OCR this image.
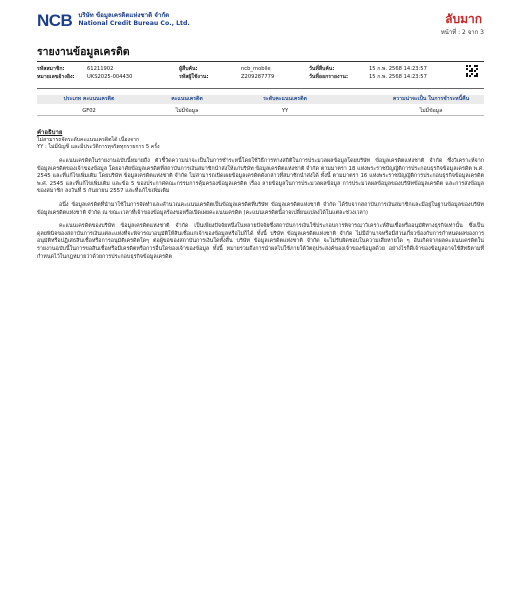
NCB บริษัท ข้อมูลเครดิตแห่งชาติ จำกัด
National Credit Bureau Co., Ltd.	ลับมาก
หน้าที่ : 2 จาก 3
รายงานข้อมูลเครดิต
รหัสสมาชิก:	61211902	ผู้สืบค้น:	ncb_mobile	วันที่สืบค้น:	15 ก.พ. 2568 14:23:57
หมายเลขอ้างอิง: UKS2025-004430	รหัสผู้ใช้งาน:	Z209287779	วันที่ออกรายงาน:	15 ก.พ. 2568 14:23:57
ประเภท คะแนนเครดิต	คะแนนเครดิต	ระดับคะแนนเครดิต	ความน่าจะเป็น ในการชำระหนี้คืน
GF02	ไม่มีข้อมูล	YY	ไม่มีข้อมูล
คำอธิบาย
ไม่สามารถจัดระดับคะแนนเครดิตได้ เนื่องจาก
YY : ไม่มีบัญชี และมีประวัติการทุจริตทุกรายการ 5 ครั้ง

คะแนนเครดิตในรายงานฉบับนี้หมายถึง ตัวชี้วัดความน่าจะเป็นในการชำระหนี้โดยใช้วิธีการทางสถิติในการประมวลผลข้อมูลโดยบริษัท ข้อมูลเครดิตแห่งชาติ จำกัด ซึ่งวิเคราะห์จากข้อมูลเครดิตของเจ้าของข้อมูล โดยอาศัยข้อมูลเครดิตที่สถาบันการเงินสมาชิกนำส่งให้แก่บริษัท ข้อมูลเครดิตแห่งชาติ จำกัด ตามมาตรา 18 แห่งพระราชบัญญัติการประกอบธุรกิจข้อมูลเครดิต พ.ศ. 2545 และที่แก้ไขเพิ่มเติม โดยบริษัท ข้อมูลเครดิตแห่งชาติ จำกัด ไม่สามารถเปิดเผยข้อมูลเครดิตดังกล่าวที่สมาชิกนำส่งได้ ทั้งนี้ ตามมาตรา 16 แห่งพระราชบัญญัติการประกอบธุรกิจข้อมูลเครดิต พ.ศ. 2545 และที่แก้ไขเพิ่มเติม และข้อ 5 ของประกาศคณะกรรมการคุ้มครองข้อมูลเครดิต เรื่อง ลายข้อมูลในการประมวลผลข้อมูล การประมวลผลข้อมูลของบริษัทข้อมูลเครดิต และการส่งข้อมูลของสมาชิก ลงวันที่ 5 กันยายน 2557 และที่แก้ไขเพิ่มเติม

อนึ่ง ข้อมูลเครดิตที่นำมาใช้ในการจัดทำและคำนวณคะแนนเครดิตเป็นข้อมูลเครดิตที่บริษัท ข้อมูลเครดิตแห่งชาติ จำกัด ได้รับจากสถาบันการเงินสมาชิกและมีอยู่ในฐานข้อมูลของบริษัท ข้อมูลเครดิตแห่งชาติ จำกัด ณ ขณะเวลาที่เจ้าของข้อมูลร้องขอหรือเปิดเผยคะแนนเครดิต (คะแนนเครดิตนี้อาจเปลี่ยนแปลงได้ในแต่ละช่วงเวลา)

คะแนนเครดิตของบริษัท ข้อมูลเครดิตแห่งชาติ จำกัด เป็นเพียงปัจจัยหนึ่งในหลายปัจจัยซึ่งสถาบันการเงินใช้ประกอบการพิจารณาวิเคราะห์สินเชื่อหรืออนุมัติทางธุรกิจเท่านั้น ซึ่งเป็นดุลยพินิจของสถาบันการเงินแต่ละแห่งที่จะพิจารณาอนุมัติให้สินเชื่อแก่เจ้าของข้อมูลหรือไม่ก็ได้ ทั้งนี้ บริษัท ข้อมูลเครดิตแห่งชาติ จำกัด ไม่มีอำนาจหรือมีส่วนเกี่ยวข้องกับการกำหนดผลของการอนุมัติหรือปฏิเสธสินเชื่อหรือการอนุมัติเครดิตใดๆ ต่อผู้ขอของสถาบันการเงินใดทั้งสิ้น บริษัท ข้อมูลเครดิตแห่งชาติ จำกัด จะไม่รับผิดชอบในความเสียหายใด ๆ อันเกิดจากผลคะแนนเครดิตในรายงานฉบับนี้ในการขอสินเชื่อหรือมีเครดิตหรือการอื่นใดของเจ้าของข้อมูล ทั้งนี้ หมายรวมถึงการนำผลไปใช้ภายใต้วัตถุประสงค์ของเจ้าของข้อมูลด้วย อย่างไรก็ดีเจ้าของข้อมูลอาจใช้สิทธิตามที่กำหนดไว้ในกฎหมายว่าด้วยการประกอบธุรกิจข้อมูลเครดิต
